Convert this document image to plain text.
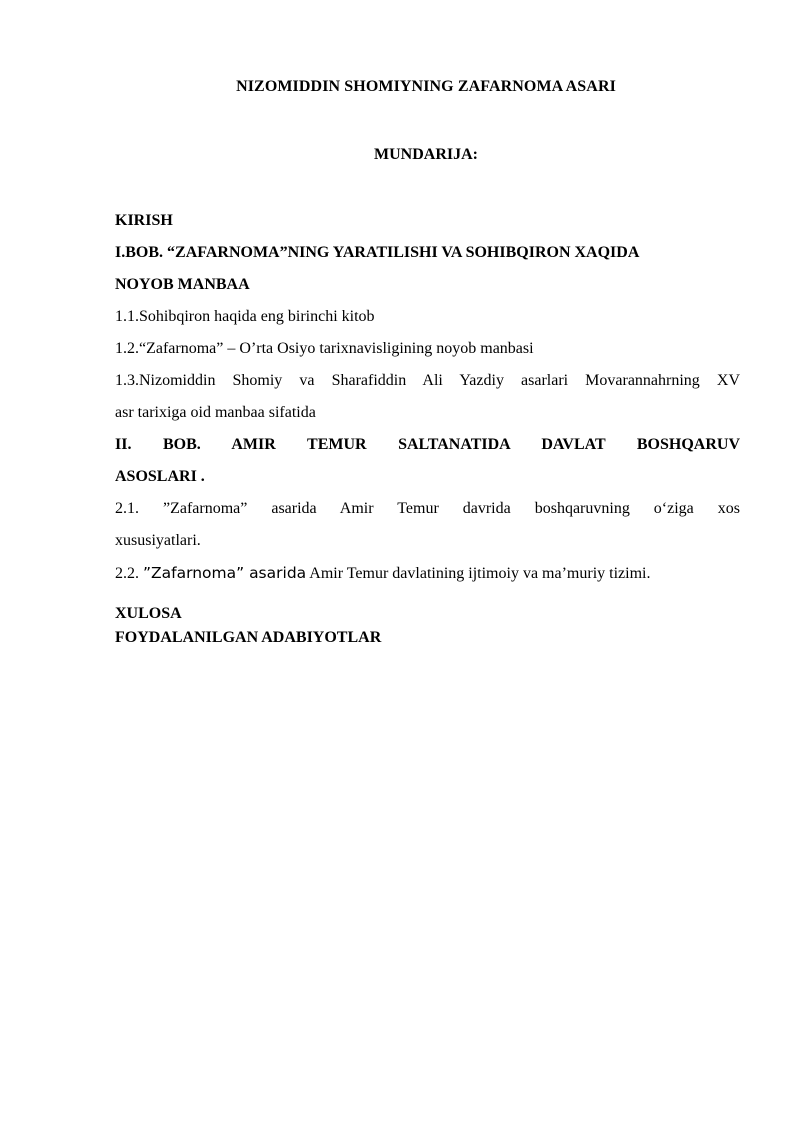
NIZOMIDDIN SHOMIYNING ZAFARNOMA ASARI
MUNDARIJA:
KIRISH
I.BOB. “ZAFARNOMA”NING YARATILISHI VA SOHIBQIRON XAQIDA
NOYOB MANBAA
1.1.Sohibqiron haqida eng birinchi kitob
1.2.“Zafarnoma” – O’rta Osiyo tarixnavisligining noyob manbasi
1.3.Nizomiddin Shomiy va Sharafiddin Ali Yazdiy asarlari Movarannahrning XV
asr tarixiga oid manbaa sifatida
II. BOB. AMIR TEMUR SALTANATIDA DAVLAT BOSHQARUV
ASOSLARI .
2.1. ”Zafarnoma” asarida Amir Temur davrida boshqaruvning o‘ziga xos
xususiyatlari.
2.2. ”Zafarnoma” asarida Amir Temur davlatining ijtimoiy va ma’muriy tizimi.
XULOSA
FOYDALANILGAN ADABIYOTLAR
